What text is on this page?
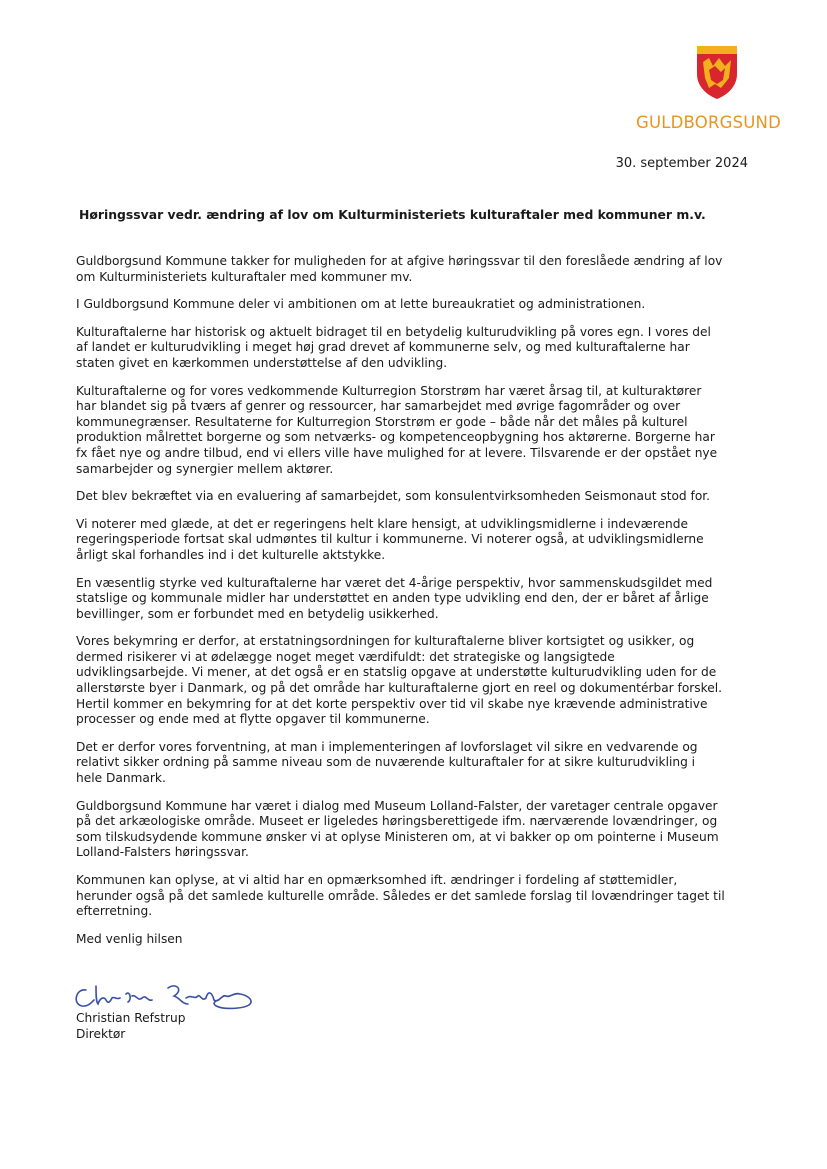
GULDBORGSUND
30. september 2024
Høringssvar vedr. ændring af lov om Kulturministeriets kulturaftaler med kommuner m.v.

Guldborgsund Kommune takker for muligheden for at afgive høringssvar til den foreslåede ændring af lov
om Kulturministeriets kulturaftaler med kommuner mv.

I Guldborgsund Kommune deler vi ambitionen om at lette bureaukratiet og administrationen.

Kulturaftalerne har historisk og aktuelt bidraget til en betydelig kulturudvikling på vores egn. I vores del
af landet er kulturudvikling i meget høj grad drevet af kommunerne selv, og med kulturaftalerne har
staten givet en kærkommen understøttelse af den udvikling.

Kulturaftalerne og for vores vedkommende Kulturregion Storstrøm har været årsag til, at kulturaktører
har blandet sig på tværs af genrer og ressourcer, har samarbejdet med øvrige fagområder og over
kommunegrænser. Resultaterne for Kulturregion Storstrøm er gode – både når det måles på kulturel
produktion målrettet borgerne og som netværks- og kompetenceopbygning hos aktørerne. Borgerne har
fx fået nye og andre tilbud, end vi ellers ville have mulighed for at levere. Tilsvarende er der opstået nye
samarbejder og synergier mellem aktører.

Det blev bekræftet via en evaluering af samarbejdet, som konsulentvirksomheden Seismonaut stod for.

Vi noterer med glæde, at det er regeringens helt klare hensigt, at udviklingsmidlerne i indeværende
regeringsperiode fortsat skal udmøntes til kultur i kommunerne. Vi noterer også, at udviklingsmidlerne
årligt skal forhandles ind i det kulturelle aktstykke.

En væsentlig styrke ved kulturaftalerne har været det 4-årige perspektiv, hvor sammenskudsgildet med
statslige og kommunale midler har understøttet en anden type udvikling end den, der er båret af årlige
bevillinger, som er forbundet med en betydelig usikkerhed.

Vores bekymring er derfor, at erstatningsordningen for kulturaftalerne bliver kortsigtet og usikker, og
dermed risikerer vi at ødelægge noget meget værdifuldt: det strategiske og langsigtede
udviklingsarbejde. Vi mener, at det også er en statslig opgave at understøtte kulturudvikling uden for de
allerstørste byer i Danmark, og på det område har kulturaftalerne gjort en reel og dokumentérbar forskel.
Hertil kommer en bekymring for at det korte perspektiv over tid vil skabe nye krævende administrative
processer og ende med at flytte opgaver til kommunerne.

Det er derfor vores forventning, at man i implementeringen af lovforslaget vil sikre en vedvarende og
relativt sikker ordning på samme niveau som de nuværende kulturaftaler for at sikre kulturudvikling i
hele Danmark.

Guldborgsund Kommune har været i dialog med Museum Lolland-Falster, der varetager centrale opgaver
på det arkæologiske område. Museet er ligeledes høringsberettigede ifm. nærværende lovændringer, og
som tilskudsydende kommune ønsker vi at oplyse Ministeren om, at vi bakker op om pointerne i Museum
Lolland-Falsters høringssvar.

Kommunen kan oplyse, at vi altid har en opmærksomhed ift. ændringer i fordeling af støttemidler,
herunder også på det samlede kulturelle område. Således er det samlede forslag til lovændringer taget til
efterretning.

Med venlig hilsen

Christian Refstrup
Direktør
